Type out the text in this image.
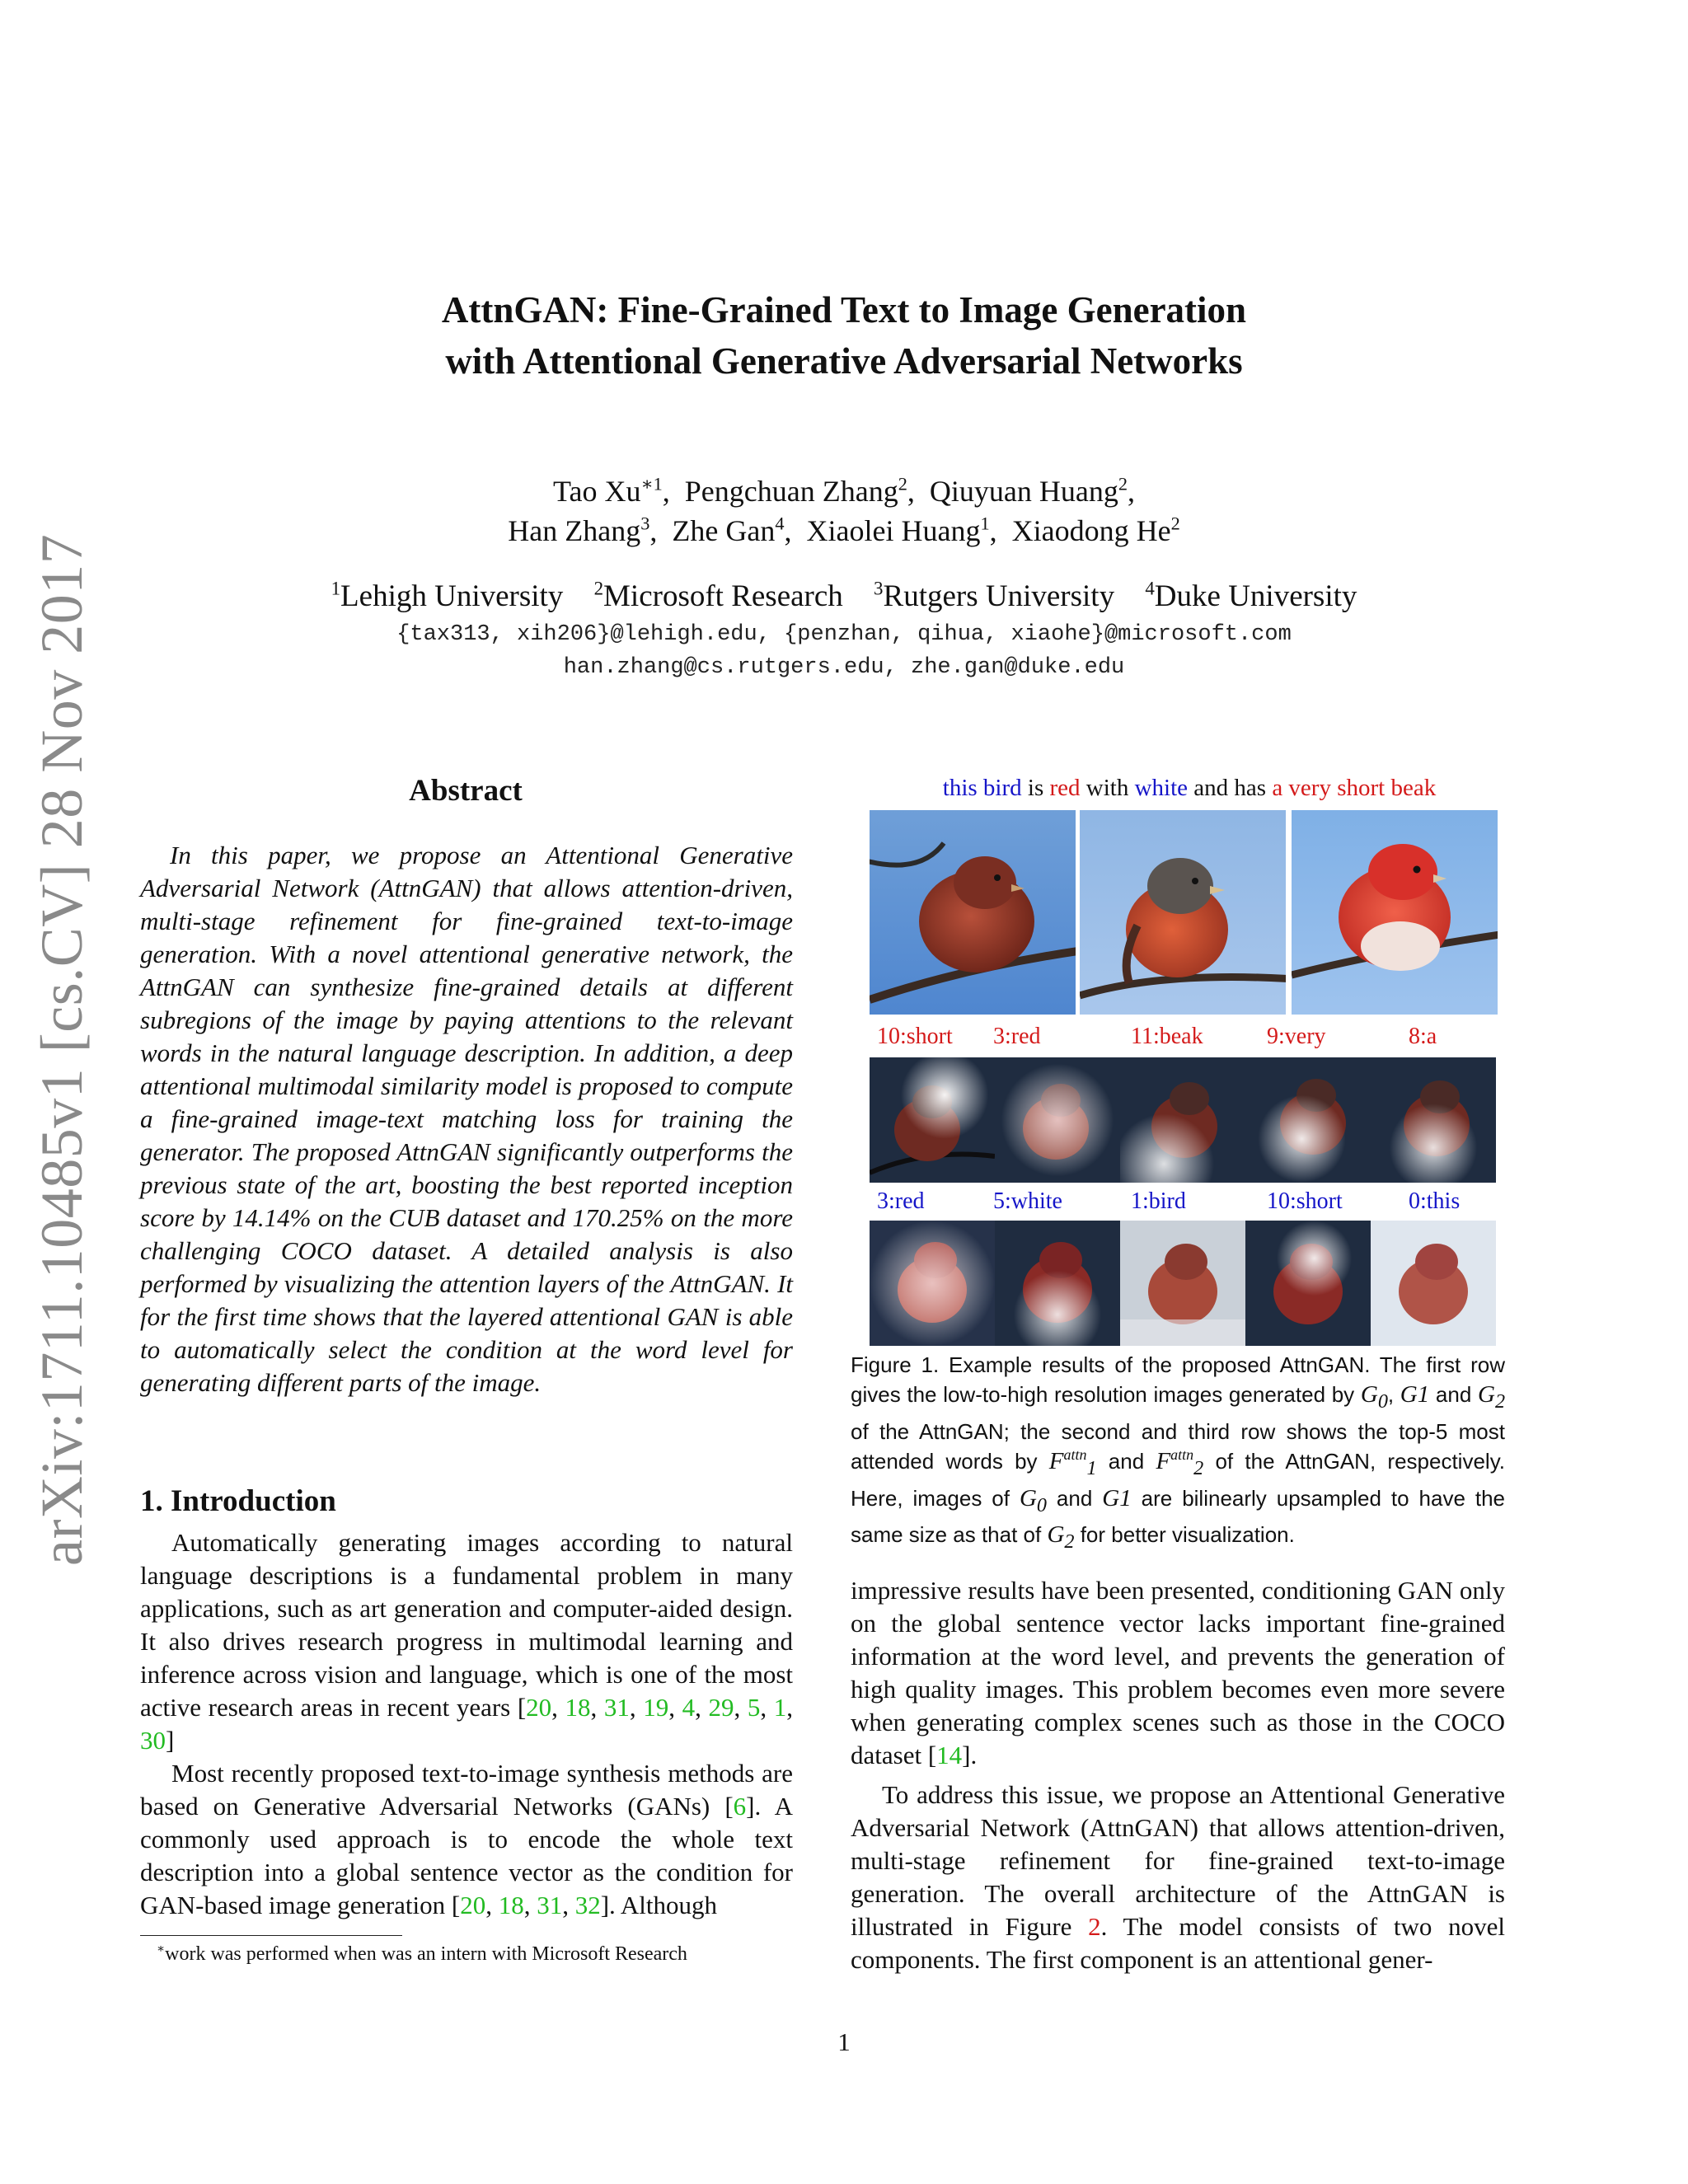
arXiv:1711.10485v1 [cs.CV] 28 Nov 2017
AttnGAN: Fine-Grained Text to Image Generation
with Attentional Generative Adversarial Networks
Tao $Xu^{∗1}$,  Pengchuan Zhang$^2$,  Qiuyuan Huang$^2$,
Han Zhang$^3$,  Zhe Gan$^4$,  Xiaolei Huang$^1$,  Xiaodong He$^2$
$^1$Lehigh University $^2$Microsoft Research $^3$Rutgers University $^4$Duke University
{tax313, xih206}@lehigh.edu, {penzhan, qihua, xiaohe}@microsoft.com
han.zhang@cs.rutgers.edu, zhe.gan@duke.edu
Abstract
In this paper, we propose an Attentional Generative Adversarial Network (AttnGAN) that allows attention-driven, multi-stage refinement for fine-grained text-to-image generation. With a novel attentional generative network, the AttnGAN can synthesize fine-grained details at different subregions of the image by paying attentions to the relevant words in the natural language description. In addition, a deep attentional multimodal similarity model is proposed to compute a fine-grained image-text matching loss for training the generator. The proposed AttnGAN significantly outperforms the previous state of the art, boosting the best reported inception score by 14.14% on the CUB dataset and 170.25% on the more challenging COCO dataset. A detailed analysis is also performed by visualizing the attention layers of the AttnGAN. It for the first time shows that the layered attentional GAN is able to automatically select the condition at the word level for generating different parts of the image.
1. Introduction

Automatically generating images according to natural language descriptions is a fundamental problem in many applications, such as art generation and computer-aided design. It also drives research progress in multimodal learning and inference across vision and language, which is one of the most active research areas in recent years [20, 18, 31, 19, 4, 29, 5, 1, 30]

Most recently proposed text-to-image synthesis methods are based on Generative Adversarial Networks (GANs) [6]. A commonly used approach is to encode the whole text description into a global sentence vector as the condition for GAN-based image generation [20, 18, 31, 32]. Although

∗work was performed when was an intern with Microsoft Research
1
this bird is red with white and has a very short beak
10:short 3:red	11:beak	9:very	8:a
3:red	5:white	1:bird	10:short	0:this
Figure 1. Example results of the proposed AttnGAN. The first row gives the low-to-high resolution images generated by $G_0$, G1 and $G_2$ of the AttnGAN; the second and third row shows the top-5 most attended words by $F^{attn}_1$ and $F^{attn}_2$ of the AttnGAN, respectively. Here, images of $G_0$ and G1 are bilinearly upsampled to have the same size as that of $G_2$ for better visualization.

impressive results have been presented, conditioning GAN only on the global sentence vector lacks important fine-grained information at the word level, and prevents the generation of high quality images. This problem becomes even more severe when generating complex scenes such as those in the COCO dataset [14].

To address this issue, we propose an Attentional Generative Adversarial Network (AttnGAN) that allows attention-driven, multi-stage refinement for fine-grained text-to-image generation. The overall architecture of the AttnGAN is illustrated in Figure 2. The model consists of two novel components. The first component is an attentional gener-
